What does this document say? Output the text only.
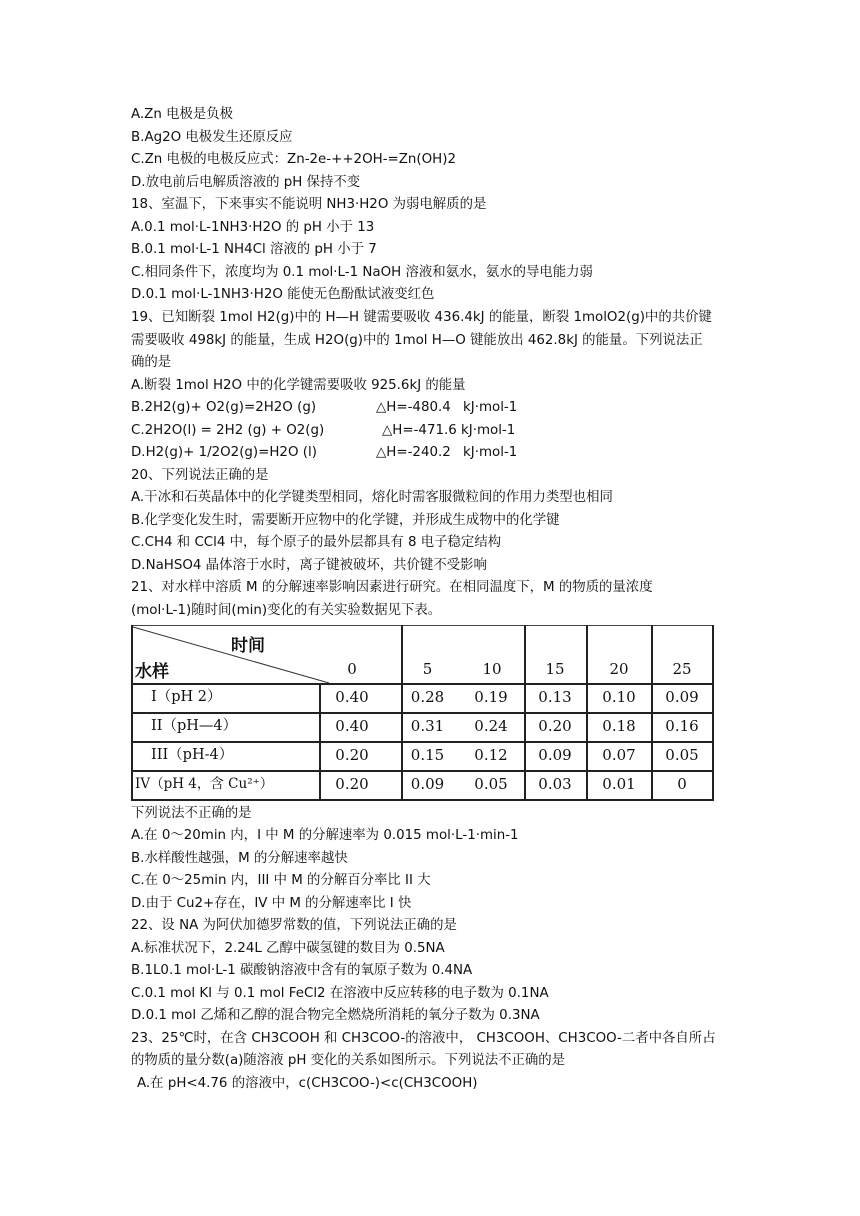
A.Zn 电极是负极
B.Ag2O 电极发生还原反应
C.Zn 电极的电极反应式：Zn-2e-++2OH-=Zn(OH)2
D.放电前后电解质溶液的 pH 保持不变
18、室温下，下来事实不能说明 NH3·H2O 为弱电解质的是
A.0.1 mol·L-1NH3·H2O 的 pH 小于 13
B.0.1 mol·L-1 NH4Cl 溶液的 pH 小于 7
C.相同条件下，浓度均为 0.1 mol·L-1 NaOH 溶液和氨水，氨水的导电能力弱
D.0.1 mol·L-1NH3·H2O 能使无色酚酞试液变红色
19、已知断裂 1mol H2(g)中的 H—H 键需要吸收 436.4kJ 的能量，断裂 1molO2(g)中的共价键
需要吸收 498kJ 的能量，生成 H2O(g)中的 1mol H—O 键能放出 462.8kJ 的能量。下列说法正
确的是
A.断裂 1mol H2O 中的化学键需要吸收 925.6kJ 的能量
B.2H2(g)+ O2(g)=2H2O (g)	△H=-480.4 kJ·mol-1
C.2H2O(l) = 2H2 (g) + O2(g)	△H=-471.6 kJ·mol-1
D.H2(g)+ 1/2O2(g)=H2O (l)	△H=-240.2 kJ·mol-1
20、下列说法正确的是
A.干冰和石英晶体中的化学键类型相同，熔化时需客服微粒间的作用力类型也相同
B.化学变化发生时，需要断开应物中的化学键，并形成生成物中的化学键
C.CH4 和 CCl4 中，每个原子的最外层都具有 8 电子稳定结构
D.NaHSO4 晶体溶于水时，离子键被破坏，共价键不受影响
21、对水样中溶质 M 的分解速率影响因素进行研究。在相同温度下，M 的物质的量浓度
(mol·L-1)随时间(min)变化的有关实验数据见下表。
时间
水样	0	5	10	15	20	25
I（pH 2）	0.40	0.28	0.19	0.13	0.10	0.09
II（pH—4）	0.40	0.31	0.24	0.20	0.18	0.16
III（pH-4）	0.20	0.15	0.12	0.09	0.07	0.05
IV（pH 4，含 Cu²⁺）	0.20	0.09	0.05	0.03	0.01	0
下列说法不正确的是
A.在 0～20min 内，I 中 M 的分解速率为 0.015 mol·L-1·min-1
B.水样酸性越强，M 的分解速率越快
C.在 0～25min 内，III 中 M 的分解百分率比 II 大
D.由于 Cu2+存在，IV 中 M 的分解速率比 I 快
22、设 NA 为阿伏加德罗常数的值，下列说法正确的是
A.标准状况下，2.24L 乙醇中碳氢键的数目为 0.5NA
B.1L0.1 mol·L-1 碳酸钠溶液中含有的氧原子数为 0.4NA
C.0.1 mol KI 与 0.1 mol FeCl2 在溶液中反应转移的电子数为 0.1NA
D.0.1 mol 乙烯和乙醇的混合物完全燃烧所消耗的氧分子数为 0.3NA
23、25℃时，在含 CH3COOH 和 CH3COO-的溶液中， CH3COOH、CH3COO-二者中各自所占
的物质的量分数(a)随溶液 pH 变化的关系如图所示。下列说法不正确的是
A.在 pH<4.76 的溶液中，c(CH3COO-)<c(CH3COOH)
